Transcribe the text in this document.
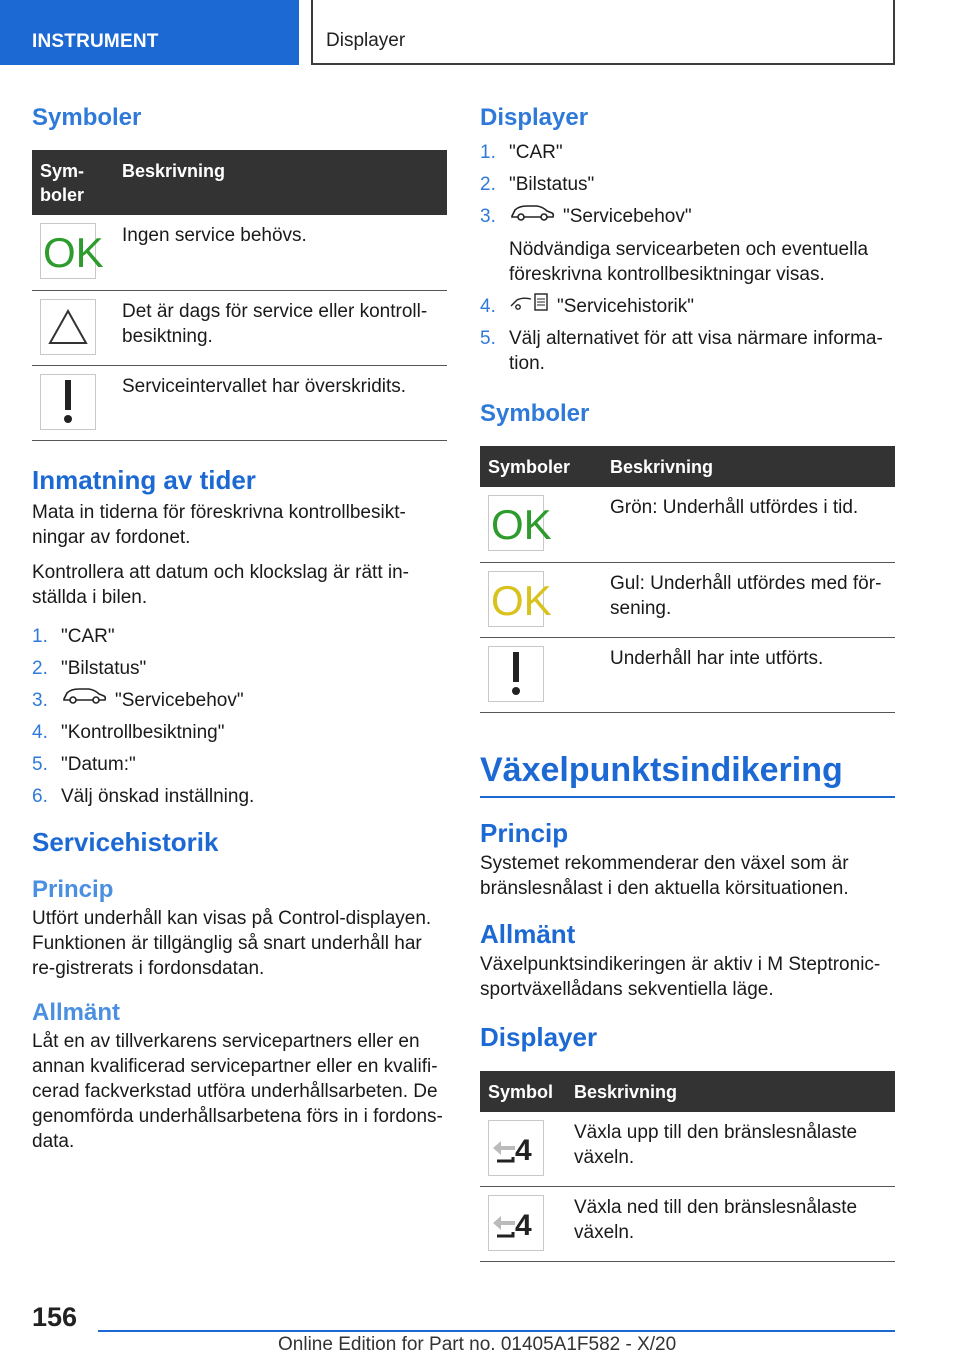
INSTRUMENT	Displayer
Symboler
Sym-
boler	Beskrivning

OK	Ingen service behövs.

	Det är dags för service eller kontroll-besiktning.

	Serviceintervallet har överskridits.
Inmatning av tider

Mata in tiderna för föreskrivna kontrollbesikt-ningar av fordonet.

Kontrollera att datum och klockslag är rätt in-ställda i bilen.

1. "CAR"
2. "Bilstatus"
3.	"Servicebehov"
4. "Kontrollbesiktning"
5. "Datum:"
6. Välj önskad inställning.
Servicehistorik
Princip

Utfört underhåll kan visas på Control-displayen. Funktionen är tillgänglig så snart underhåll har re-gistrerats i fordonsdatan.

Allmänt

Låt en av tillverkarens servicepartners eller en annan kvalificerad servicepartner eller en kvalifi-cerad fackverkstad utföra underhållsarbeten. De genomförda underhållsarbetena förs in i fordons-data.

Displayer
1. "CAR"
2. "Bilstatus"
3.	"Servicebehov"
Nödvändiga servicearbeten och eventuella föreskrivna kontrollbesiktningar visas.
4.	"Servicehistorik"
5. Välj alternativet för att visa närmare informa-tion.
Symboler
Symboler	Beskrivning

OK	Grön: Underhåll utfördes i tid.

OK	Gul: Underhåll utfördes med för-sening.

	Underhåll har inte utförts.
Växelpunktsindikering
Princip

Systemet rekommenderar den växel som är bränslesnålast i den aktuella körsituationen.

Allmänt

Växelpunktsindikeringen är aktiv i M Steptronic-sportväxellådans sekventiella läge.

Displayer
Symbol	Beskrivning

4	Växla upp till den bränslesnålaste växeln.

4	Växla ned till den bränslesnålaste växeln.
156
Online Edition for Part no. 01405A1F582 - X/20
